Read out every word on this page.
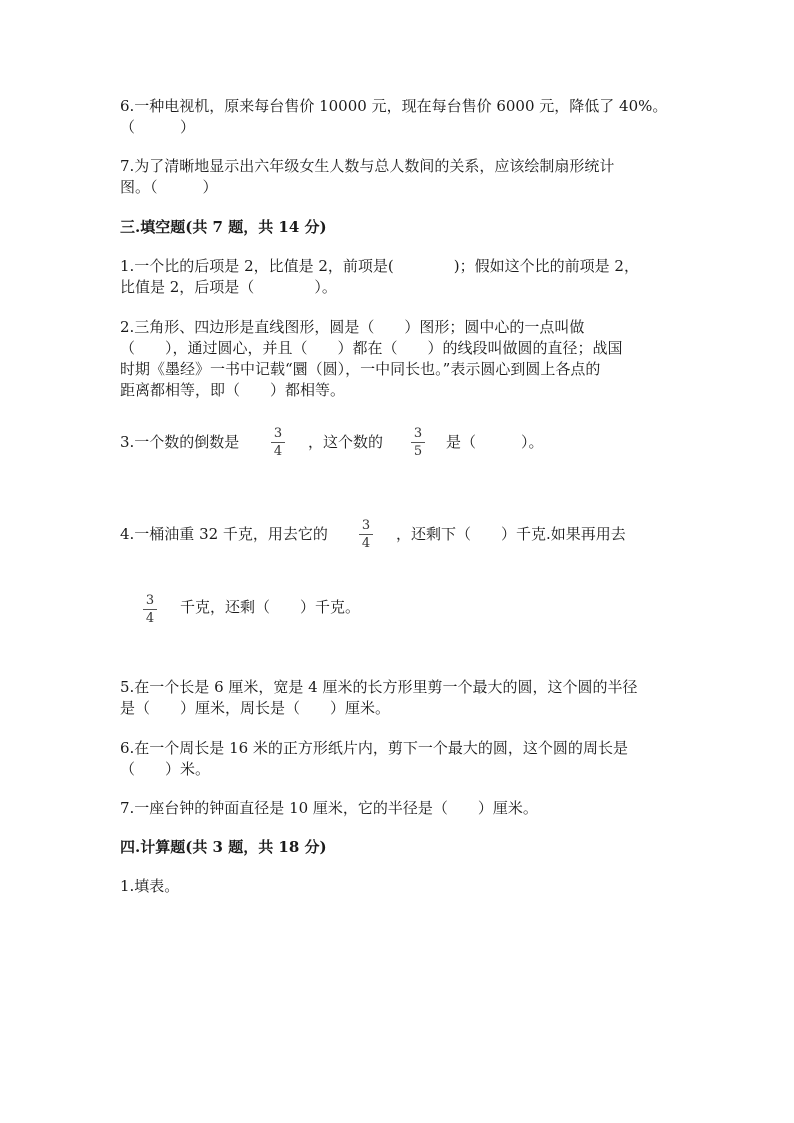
6.一种电视机，原来每台售价 10000 元，现在每台售价 6000 元，降低了 40%。
（　　　）
7.为了清晰地显示出六年级女生人数与总人数间的关系，应该绘制扇形统计
图。（　　　）
三.填空题(共 7 题，共 14 分)
1.一个比的后项是 2，比值是 2，前项是(　　　　)；假如这个比的前项是 2，
比值是 2，后项是（　　　　）。
2.三角形、四边形是直线图形，圆是（　　）图形；圆中心的一点叫做
（　　），通过圆心，并且（　　）都在（　　）的线段叫做圆的直径；战国
时期《墨经》一书中记载“圜（圆），一中同长也。”表示圆心到圆上各点的
距离都相等，即（　　）都相等。
3.一个数的倒数是	3
4
，这个数的 3
5
是（　　　）。
4.一桶油重 32 千克，用去它的	3
4
，还剩下（　　）千克.如果再用去
3
4
千克，还剩（　　）千克。
5.在一个长是 6 厘米，宽是 4 厘米的长方形里剪一个最大的圆，这个圆的半径
是（　　）厘米，周长是（　　）厘米。
6.在一个周长是 16 米的正方形纸片内，剪下一个最大的圆，这个圆的周长是
（　　）米。
7.一座台钟的钟面直径是 10 厘米，它的半径是（　　）厘米。
四.计算题(共 3 题，共 18 分)
1.填表。
